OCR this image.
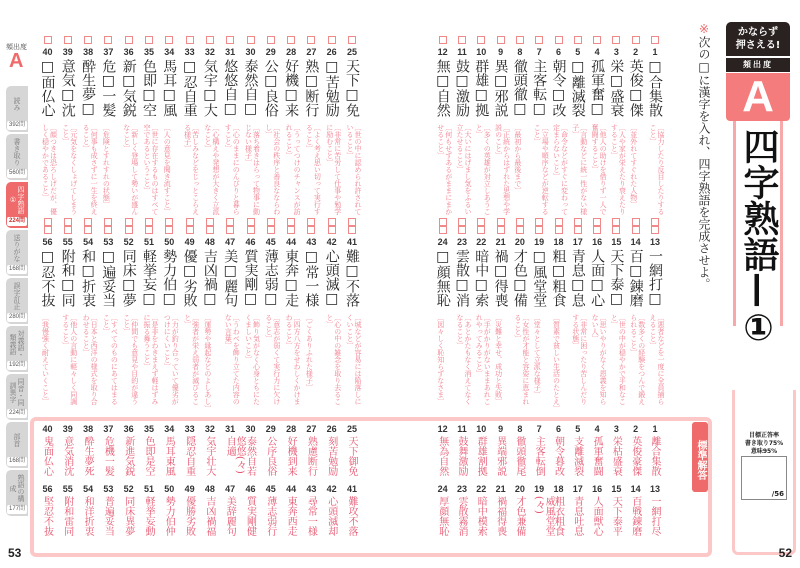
頻出度
A
読み
392問
書き取り
560問
四字熟語①
224問
送りがな
168問
誤字訂正
280問
対義語・類義語
192問
同音・同訓異字
224問
部首
168問
熟語の構成
177問
かならず
押さえる!
頻出度
A
四字熟語—①
※次の□に漢字を入れ、四字熟語を完成させよ。
1
□合集散
〔協力したり反目したりすること〕
2
英俊□傑
〔並外れてすぐれた人物〕
3
栄□盛衰
〔人や家が栄えたり衰えたりすること〕
4
孤軍奮□
〔他人の助けを借りず一人で奮闘すること〕
5
□離滅裂
〔言動などに統一性がない様子〕
6
朝令□改
〔命令などがすぐに変わって定まらないこと〕
7
主客転□
〔立場や順序などが逆転すること〕
8
徹頭徹□
〔最初から最後まで〕
9
異□邪説
〔正統からはずれた思想や学説のこと〕
10
群雄□拠
〔多くの英雄が対立しあうこと〕
11
鼓□激励
〔大いにはげまし気をふるい立たせること〕
12
無□自然
〔何もせずあるがままにまかせること〕
13
一網打□
〔悪者などを一度に全員捕らえること〕
14
百□錬磨
〔数多くの経験をつんで鍛えられること〕
15
天下泰□
〔世の中が穏やかで平和なこと〕
16
人面□心
〔思いやりがなく恩義を知らない人〕
17
青息□息
〔非常に困ったり苦しんだりする状態〕
18
粗□粗食
〔質素で貧しい生活のたとえ〕
19
□風堂堂
〔堂々として立派な様子〕
20
才色□備
〔女性が才能と容姿に恵まれること〕
21
禍□得喪
〔災難と幸せ、成功と失敗〕
22
暗中□索
〔手がかりがないままあれこれやってみること〕
23
雲散□消
〔あとかたもなく消えてなくなること〕
24
□顔無恥
〔図々しく恥知らずなさま〕
25
天下□免
〔世の中に認められ許されていること〕
26
□苦勉励
〔非常に苦労して仕事や勉学に励むこと〕
27
熟□断行
〔よく考え思い切って実行すること〕
28
好機□来
〔うってつけのチャンスが訪れること〕
29
公□良俗
〔社会の秩序と善良なならわし〕
30
泰然自□
〔落ち着きはらって物事に動じない様子〕
31
悠悠自□
〔心のままにのんびりと暮らすこと〕
32
気宇□大
〔心構えや発想が大きく立派なこと〕
33
□忍自重
〔苦しみなどをじっとこらえる様子〕
34
馬耳□風
〔人の意見を聞き流すこと〕
35
色即□空
〔世に存在するものはすべて空であるということ〕
36
新□気鋭
〔新しく登場して勢いが盛んなこと〕
37
危□一髪
〔危険とすれすれの状態〕
38
酔生夢□
〔何事も成さずに一生を終えること〕
39
意気□沈
〔元気をなくしょげてしまうこと〕
40
□面仏心
〔顔つきは恐ろしげだが、優しく穏やかであること〕
41
難□不落
〔城などが容易には陥落しにくいこと〕
42
心頭滅□
〔心の中の雑念を取り去ること〕
43
□常一様
〔ごくありふれた様子〕
44
東奔□走
〔四方八方をせわしくかけまわること〕
45
薄志弱□
〔意志が弱くて実行力に欠けること〕
46
質実剛□
〔飾り気がなく心身ともにたくましいこと〕
47
美□麗句
〔うわべを飾り立てた内容のない言葉〕
48
吉凶禍□
〔運勢や縁起などのよしあし〕
49
優□劣敗
〔強者が栄え弱者が滅びること〕
50
勢力伯□
〔力が釣り合っていて優劣がつけにくいこと〕
51
軽挙妄□
〔是非をわきまえず軽はずみに振る舞うこと〕
52
同床□夢
〔仲間でも意見や目的が違うこと〕
53
□遍妥当
〔すべてのものにあてはまること〕
54
和□折衷
〔日本と西洋の様式を取り合わせること〕
55
附和□同
〔他人の言動に軽々しく同調すること〕
56
□忍不抜
〔我慢強く耐えていくこと〕
標準解答
1
離合集散
2
英俊豪傑
3
栄枯盛衰
4
孤軍奮闘
5
支離滅裂
6
朝令暮改
7
主客転倒
8
徹頭徹尾
9
異端邪説
10
群雄割拠
11
鼓舞激励
12
無為自然
13
一網打尽
14
百戦錬磨
15
天下泰平
16
人面獣心
17
青息吐息
18
粗衣粗食
19
威風堂堂(々)
20
才色兼備
21
禍福得喪
22
暗中模索
23
雲散霧消
24
厚顔無恥
25
天下御免
26
刻苦勉励
27
熟慮断行
28
好機到来
29
公序良俗
30
泰然自若
31
悠悠(々)自適
32
気宇壮大
33
隠忍自重
34
馬耳東風
35
色即是空
36
新進気鋭
37
危機一髪
38
酔生夢死
39
意気消沈
40
鬼面仏心
41
難攻不落
42
心頭滅却
43
尋常一様
44
東奔西走
45
薄志弱行
46
質実剛健
47
美辞麗句
48
吉凶禍福
49
優勝劣敗
50
勢力伯仲
51
軽挙妄動
52
同床異夢
53
普遍妥当
54
和洋折衷
55
附和雷同
56
堅忍不抜
目標正答率
書き取り75%
意味95%
/56
53	52
